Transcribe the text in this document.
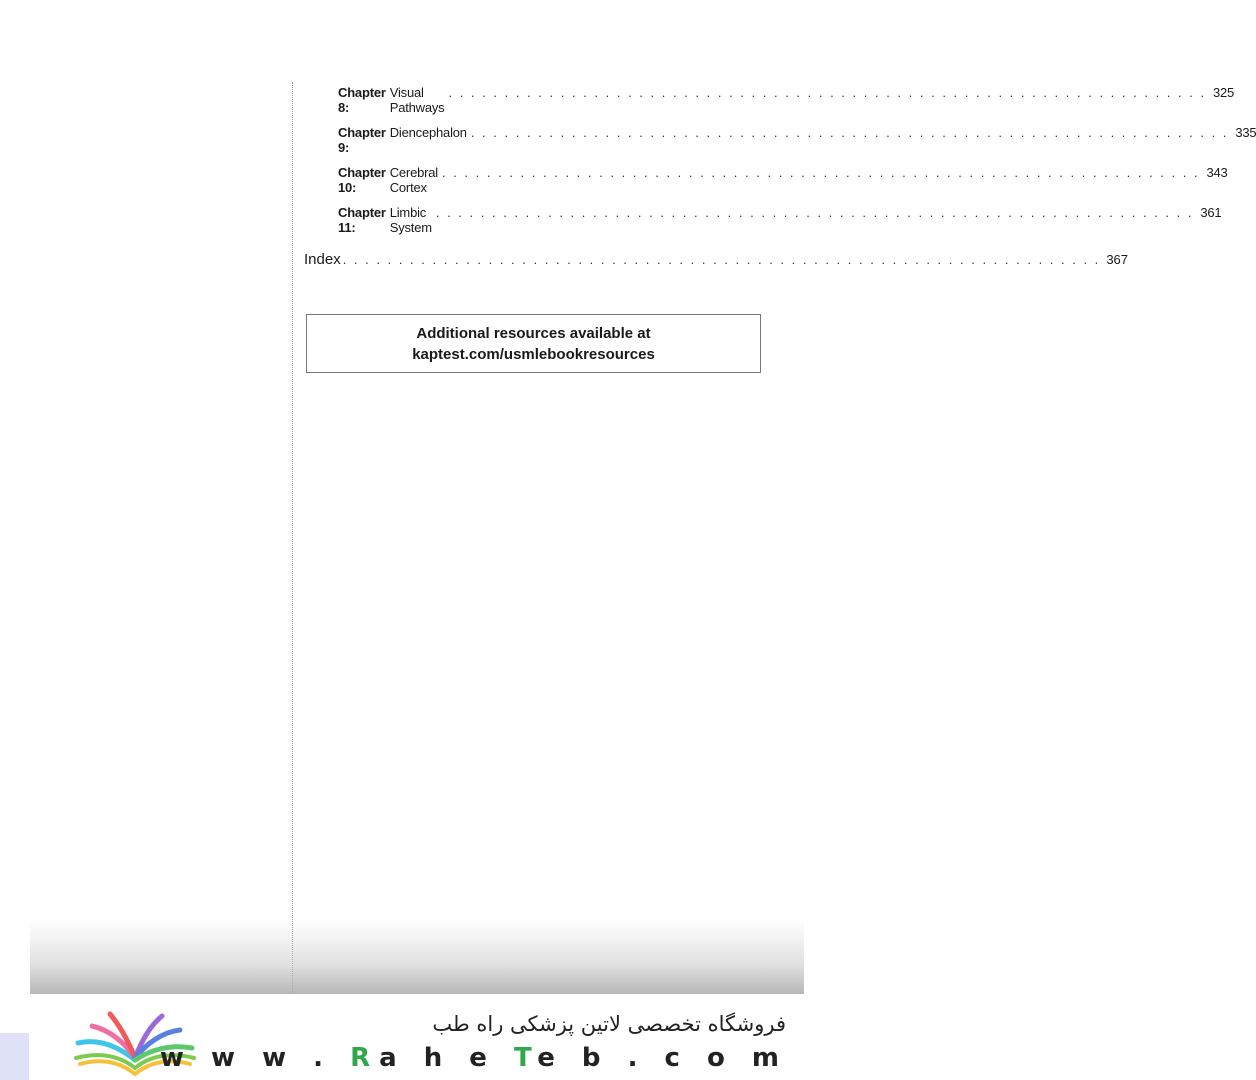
Chapter 8:
Visual Pathways
. . . . . . . . . . . . . . . . . . . . . . . . . . . . . . . . . . . . . . . . . . . . . . . . . . . . . . . . . . . . . . . . . . . . 325
Chapter 9:
Diencephalon . . . . . . . . . . . . . . . . . . . . . . . . . . . . . . . . . . . . . . . . . . . . . . . . . . . . . . . . . . . . . . . . . . . . 335
Chapter 10:
Cerebral Cortex
. . . . . . . . . . . . . . . . . . . . . . . . . . . . . . . . . . . . . . . . . . . . . . . . . . . . . . . . . . . . . . . . . . . . 343
Chapter 11:
Limbic System
. . . . . . . . . . . . . . . . . . . . . . . . . . . . . . . . . . . . . . . . . . . . . . . . . . . . . . . . . . . . . . . . . . . . 361
Index . . . . . . . . . . . . . . . . . . . . . . . . . . . . . . . . . . . . . . . . . . . . . . . . . . . . . . . . . . . . . . . . . . . . 367
Additional resources available at
kaptest.com/usmlebookresources
فروشگاه تخصصی لاتین پزشکی راه طب
w w w . Ra h e Te b . c o m
